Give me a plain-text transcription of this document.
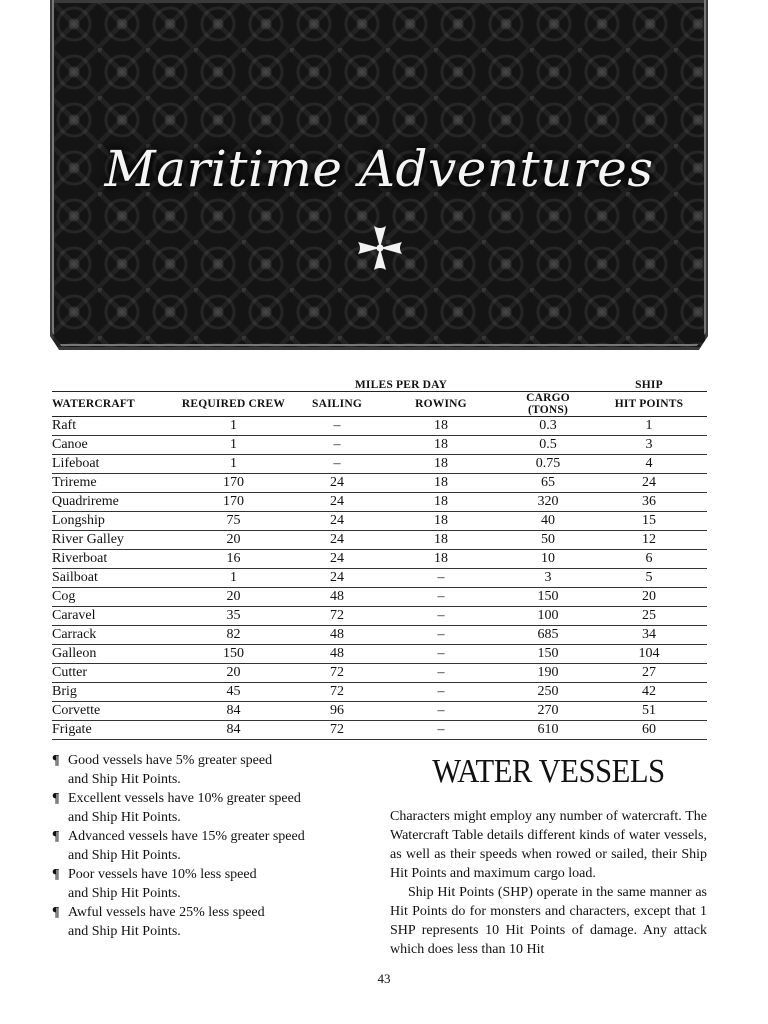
Maritime Adventures
		MILES PER DAY			SHIP
WATERCRAFT	REQUIRED CREW	SAILING	ROWING	CARGO (TONS)	HIT POINTS
Raft	1	–	18	0.3	1
Canoe	1	–	18	0.5	3
Lifeboat	1	–	18	0.75	4
Trireme	170	24	18	65	24
Quadrireme	170	24	18	320	36
Longship	75	24	18	40	15
River Galley	20	24	18	50	12
Riverboat	16	24	18	10	6
Sailboat	1	24	–	3	5
Cog	20	48	–	150	20
Caravel	35	72	–	100	25
Carrack	82	48	–	685	34
Galleon	150	48	–	150	104
Cutter	20	72	–	190	27
Brig	45	72	–	250	42
Corvette	84	96	–	270	51
Frigate	84	72	–	610	60
¶ Good vessels have 5% greater speed
and Ship Hit Points.
¶ Excellent vessels have 10% greater speed
and Ship Hit Points.
¶ Advanced vessels have 15% greater speed
and Ship Hit Points.
¶ Poor vessels have 10% less speed
and Ship Hit Points.
¶ Awful vessels have 25% less speed
and Ship Hit Points.
WATER VESSELS

Characters might employ any number of watercraft. The Watercraft Table details different kinds of water vessels, as well as their speeds when rowed or sailed, their Ship Hit Points and maximum cargo load.

Ship Hit Points (SHP) operate in the same manner as Hit Points do for monsters and characters, except that 1 SHP represents 10 Hit Points of damage. Any attack which does less than 10 Hit

43
